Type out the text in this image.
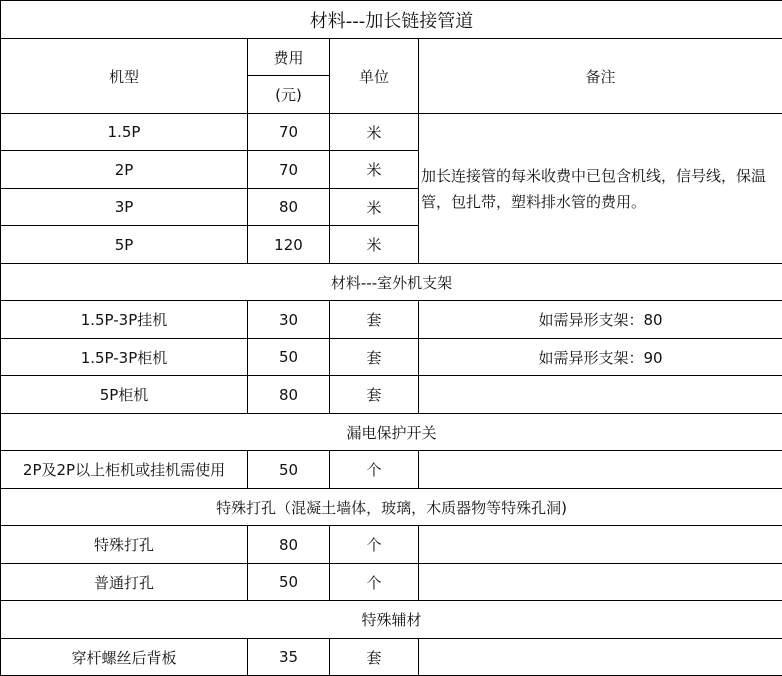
材料---加长链接管道			
机型	费用	单位	备注
	(元)		
1.5P	70	米	加长连接管的每米收费中已包含机线，信号线，保温管，包扎带，塑料排水管的费用。
2P	70	米	
3P	80	米	
5P	120	米	
材料---室外机支架			
1.5P-3P挂机	30	套	如需异形支架：80
1.5P-3P柜机	50	套	如需异形支架：90
5P柜机	80	套	
漏电保护开关			
2P及2P以上柜机或挂机需使用	50	个	
特殊打孔（混凝土墙体，玻璃，木质器物等特殊孔洞)			
特殊打孔	80	个	
普通打孔	50	个	
特殊辅材			
穿杆螺丝后背板	35	套	
